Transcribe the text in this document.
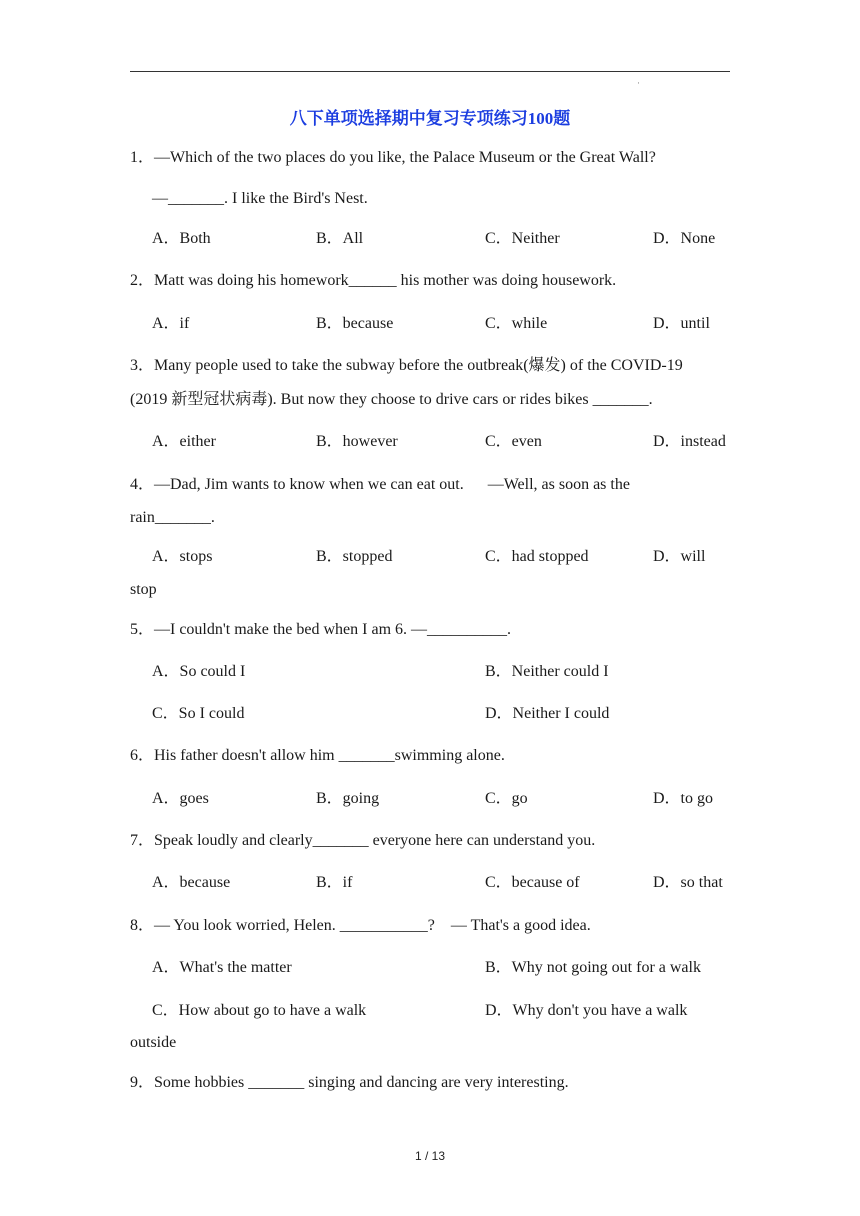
·
八下单项选择期中复习专项练习100题
1．—Which of the two places do you like, the Palace Museum or the Great Wall?
—_______. I like the Bird's Nest.
A．Both	B．All	C．Neither	D．None
2．Matt was doing his homework______ his mother was doing housework.
A．if	B．because	C．while	D．until
3．Many people used to take the subway before the outbreak(爆发) of the COVID-19
(2019 新型冠状病毒). But now they choose to drive cars or rides bikes _______.
A．either	B．however	C．even	D．instead
4．—Dad, Jim wants to know when we can eat out.      —Well, as soon as the
rain_______.
A．stops	B．stopped	C．had stopped	D．will
stop
5．—I couldn't make the bed when I am 6. —__________.
A．So could I	B．Neither could I
C．So I could	D．Neither I could
6．His father doesn't allow him _______swimming alone.
A．goes	B．going	C．go	D．to go
7．Speak loudly and clearly_______ everyone here can understand you.
A．because	B．if	C．because of	D．so that
8．— You look worried, Helen. ___________?    — That's a good idea.
A．What's the matter	B．Why not going out for a walk
C．How about go to have a walk	D．Why don't you have a walk
outside
9．Some hobbies _______ singing and dancing are very interesting.
1 / 13
